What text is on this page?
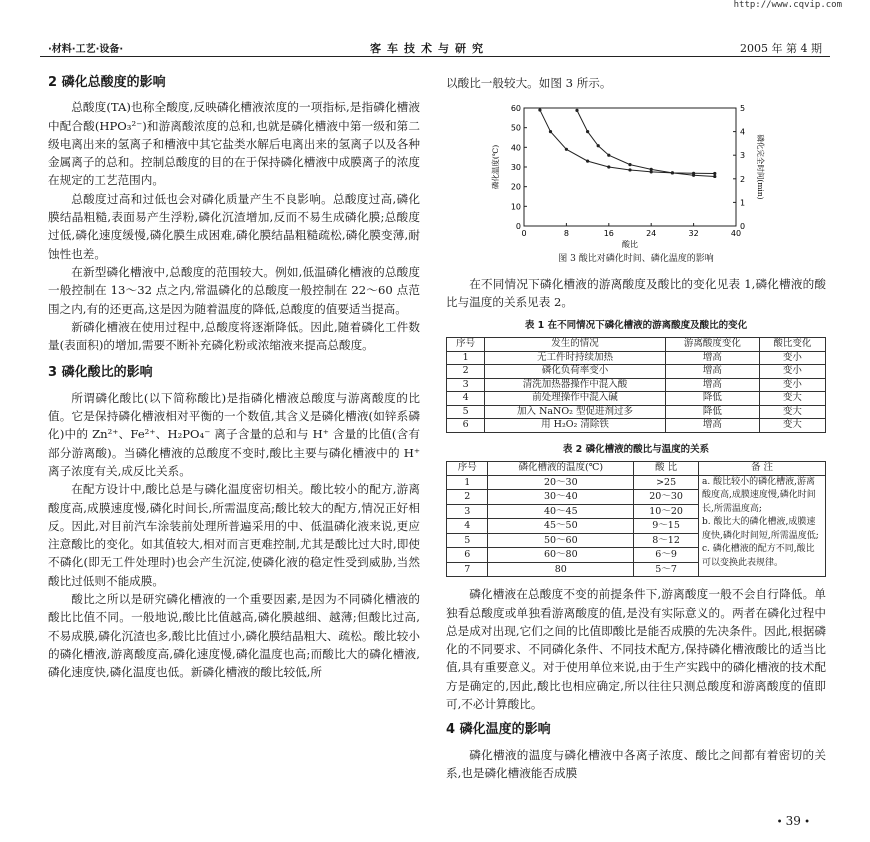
http://www.cqvip.com
·材料·工艺·设备·	客车技术与研究	2005 年 第 4 期
2 磷化总酸度的影响

总酸度(TA)也称全酸度,反映磷化槽液浓度的一项指标,是指磷化槽液中配合酸(HPO₃²⁻)和游离酸浓度的总和,也就是磷化槽液中第一级和第二级电离出来的氢离子和槽液中其它盐类水解后电离出来的氢离子以及各种金属离子的总和。控制总酸度的目的在于保持磷化槽液中成膜离子的浓度在规定的工艺范围内。

总酸度过高和过低也会对磷化质量产生不良影响。总酸度过高,磷化膜结晶粗糙,表面易产生浮粉,磷化沉渣增加,反而不易生成磷化膜;总酸度过低,磷化速度缓慢,磷化膜生成困难,磷化膜结晶粗糙疏松,磷化膜变薄,耐蚀性也差。

在新型磷化槽液中,总酸度的范围较大。例如,低温磷化槽液的总酸度一般控制在 13～32 点之内,常温磷化的总酸度一般控制在 22～60 点范围之内,有的还更高,这是因为随着温度的降低,总酸度的值要适当提高。

新磷化槽液在使用过程中,总酸度将逐渐降低。因此,随着磷化工件数量(表面积)的增加,需要不断补充磷化粉或浓缩液来提高总酸度。

3 磷化酸比的影响

所谓磷化酸比(以下简称酸比)是指磷化槽液总酸度与游离酸度的比值。它是保持磷化槽液相对平衡的一个数值,其含义是磷化槽液(如锌系磷化)中的 Zn²⁺、Fe²⁺、H₂PO₄⁻ 离子含量的总和与 H⁺ 含量的比值(含有部分游离酸)。当磷化槽液的总酸度不变时,酸比主要与磷化槽液中的 H⁺ 离子浓度有关,成反比关系。

在配方设计中,酸比总是与磷化温度密切相关。酸比较小的配方,游离酸度高,成膜速度慢,磷化时间长,所需温度高;酸比较大的配方,情况正好相反。因此,对目前汽车涂装前处理所普遍采用的中、低温磷化液来说,更应注意酸比的变化。如其值较大,相对而言更难控制,尤其是酸比过大时,即使不磷化(即无工件处理时)也会产生沉淀,使磷化液的稳定性受到威胁,当然酸比过低则不能成膜。

酸比之所以是研究磷化槽液的一个重要因素,是因为不同磷化槽液的酸比比值不同。一般地说,酸比比值越高,磷化膜越细、越薄;但酸比过高,不易成膜,磷化沉渣也多,酸比比值过小,磷化膜结晶粗大、疏松。酸比较小的磷化槽液,游离酸度高,磷化速度慢,磷化温度也高;而酸比大的磷化槽液,磷化速度快,磷化温度也低。新磷化槽液的酸比较低,所

以酸比一般较大。如图 3 所示。

0	8	16	24	32	40
0
10
20
30
40
50
60
0
1
2
3
4
5
酸比
磷化温度(℃)	磷化完全时间(min)
图 3 酸比对磷化时间、磷化温度的影响

在不同情况下磷化槽液的游离酸度及酸比的变化见表 1,磷化槽液的酸比与温度的关系见表 2。

表 1 在不同情况下磷化槽液的游离酸度及酸比的变化
序号	发生的情况	游离酸度变化	酸比变化
1	无工件时持续加热	增高	变小
2	磷化负荷率变小	增高	变小
3	清洗加热器操作中混入酸	增高	变小
4	前处理操作中混入碱	降低	变大
5	加入 NaNO₂ 型促进剂过多	降低	变大
6	用 H₂O₂ 清除铁	增高	变大
表 2 磷化槽液的酸比与温度的关系
序号	磷化槽液的温度(℃)	酸 比	备 注
1	20～30	>25	a. 酸比较小的磷化槽液,游离酸度高,成膜速度慢,磷化时间长,所需温度高;
b. 酸比大的磷化槽液,成膜速度快,磷化时间短,所需温度低;
c. 磷化槽液的配方不同,酸比可以变换此表规律。
2	30～40	20～30	
3	40～45	10～20	
4	45～50	9～15	
5	50～60	8～12	
6	60～80	6～9	
7	80	5～7	

磷化槽液在总酸度不变的前提条件下,游离酸度一般不会自行降低。单独看总酸度或单独看游离酸度的值,是没有实际意义的。两者在磷化过程中总是成对出现,它们之间的比值即酸比是能否成膜的先决条件。因此,根据磷化的不同要求、不同磷化条件、不同技术配方,保持磷化槽液酸比的适当比值,具有重要意义。对于使用单位来说,由于生产实践中的磷化槽液的技术配方是确定的,因此,酸比也相应确定,所以往往只测总酸度和游离酸度的值即可,不必计算酸比。

4 磷化温度的影响

磷化槽液的温度与磷化槽液中各离子浓度、酸比之间都有着密切的关系,也是磷化槽液能否成膜

• 39 •
